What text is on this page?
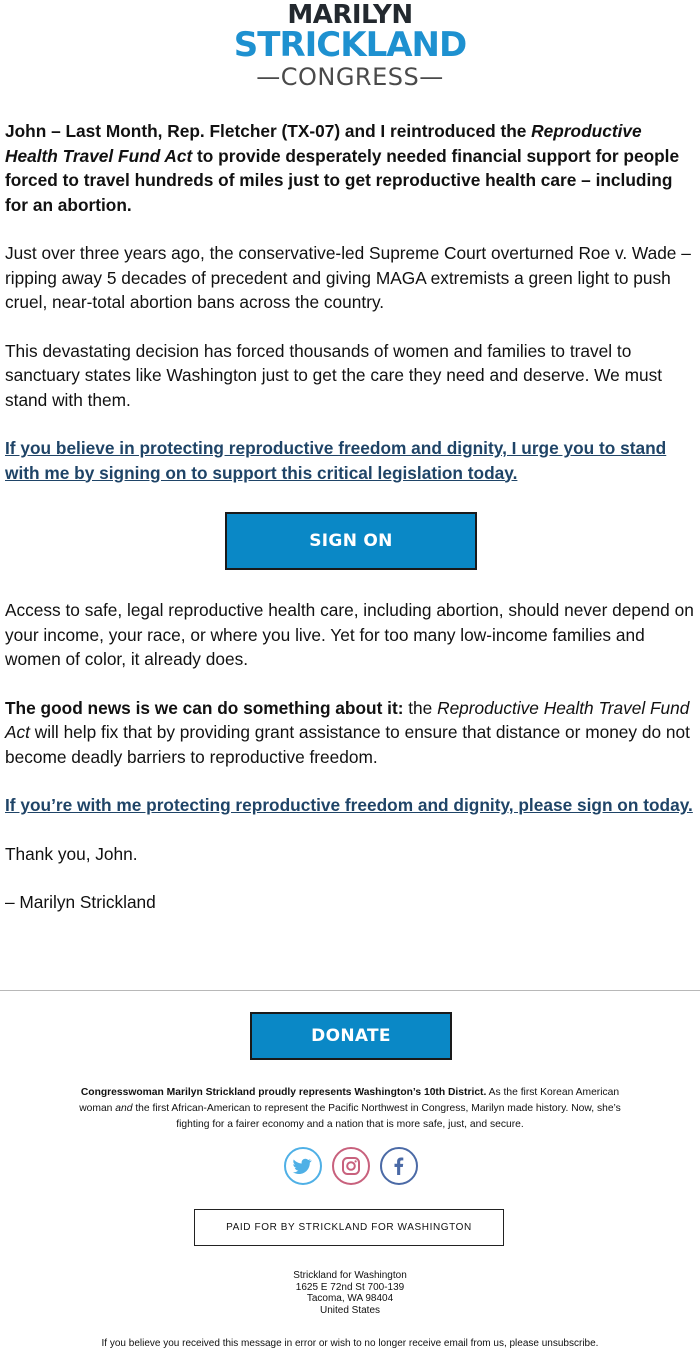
MARILYN
STRICKLAND
—CONGRESS—

John – Last Month, Rep. Fletcher (TX-07) and I reintroduced the Reproductive Health Travel Fund Act to provide desperately needed financial support for people forced to travel hundreds of miles just to get reproductive health care – including for an abortion.

Just over three years ago, the conservative-led Supreme Court overturned Roe v. Wade – ripping away 5 decades of precedent and giving MAGA extremists a green light to push cruel, near-total abortion bans across the country.

This devastating decision has forced thousands of women and families to travel to sanctuary states like Washington just to get the care they need and deserve. We must stand with them.

If you believe in protecting reproductive freedom and dignity, I urge you to stand with me by signing on to support this critical legislation today.

SIGN ON

Access to safe, legal reproductive health care, including abortion, should never depend on your income, your race, or where you live. Yet for too many low-income families and women of color, it already does.

The good news is we can do something about it: the Reproductive Health Travel Fund Act will help fix that by providing grant assistance to ensure that distance or money do not become deadly barriers to reproductive freedom.

If you’re with me protecting reproductive freedom and dignity, please sign on today.

Thank you, John.

– Marilyn Strickland

DONATE
Congresswoman Marilyn Strickland proudly represents Washington’s 10th District. As the first Korean American woman and the first African-American to represent the Pacific Northwest in Congress, Marilyn made history. Now, she’s fighting for a fairer economy and a nation that is more safe, just, and secure.
PAID FOR BY STRICKLAND FOR WASHINGTON
Strickland for Washington
1625 E 72nd St 700-139
Tacoma, WA 98404
United States
If you believe you received this message in error or wish to no longer receive email from us, please unsubscribe.
